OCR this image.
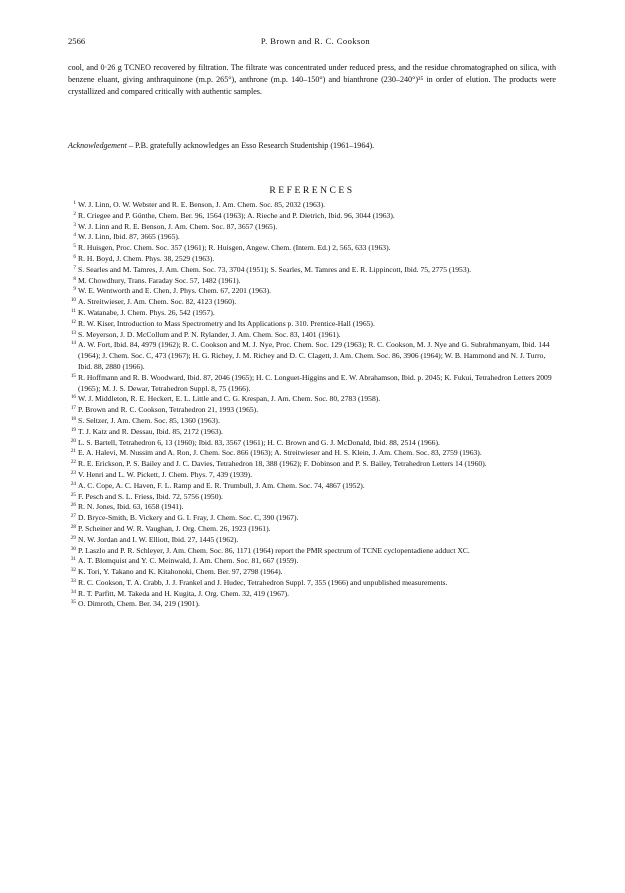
2566	P. Brown and R. C. Cookson

cool, and 0·26 g TCNEO recovered by filtration. The filtrate was concentrated under reduced press, and the residue chromatographed on silica, with benzene eluant, giving anthraquinone (m.p. 265°), anthrone (m.p. 140–150°) and bianthrone (230–240°)³⁵ in order of elution. The products were crystallized and compared critically with authentic samples.

Acknowledgement – P.B. gratefully acknowledges an Esso Research Studentship (1961–1964).

REFERENCES
1 W. J. Linn, O. W. Webster and R. E. Benson, J. Am. Chem. Soc. 85, 2032 (1963).
2 R. Criegee and P. Günthe, Chem. Ber. 96, 1564 (1963); A. Rieche and P. Dietrich, Ibid. 96, 3044 (1963).
3 W. J. Linn and R. E. Benson, J. Am. Chem. Soc. 87, 3657 (1965).
4 W. J. Linn, Ibid. 87, 3665 (1965).
5 R. Huisgen, Proc. Chem. Soc. 357 (1961); R. Huisgen, Angew. Chem. (Intern. Ed.) 2, 565, 633 (1963).
6 R. H. Boyd, J. Chem. Phys. 38, 2529 (1963).
7 S. Searles and M. Tamres, J. Am. Chem. Soc. 73, 3704 (1951); S. Searles, M. Tamres and E. R. Lippincott, Ibid. 75, 2775 (1953).
8 M. Chowdhury, Trans. Faraday Soc. 57, 1482 (1961).
9 W. E. Wentworth and E. Chen, J. Phys. Chem. 67, 2201 (1963).
10 A. Streitwieser, J. Am. Chem. Soc. 82, 4123 (1960).
11 K. Watanabe, J. Chem. Phys. 26, 542 (1957).
12 R. W. Kiser, Introduction to Mass Spectrometry and Its Applications p. 310. Prentice-Hall (1965).
13 S. Meyerson, J. D. McCollum and P. N. Rylander, J. Am. Chem. Soc. 83, 1401 (1961).
14 A. W. Fort, Ibid. 84, 4979 (1962); R. C. Cookson and M. J. Nye, Proc. Chem. Soc. 129 (1963); R. C. Cookson, M. J. Nye and G. Subrahmanyam, Ibid. 144 (1964); J. Chem. Soc. C, 473 (1967); H. G. Richey, J. M. Richey and D. C. Clagett, J. Am. Chem. Soc. 86, 3906 (1964); W. B. Hammond and N. J. Turro, Ibid. 88, 2880 (1966).
15 R. Hoffmann and R. B. Woodward, Ibid. 87, 2046 (1965); H. C. Longuet-Higgins and E. W. Abrahamson, Ibid. p. 2045; K. Fukui, Tetrahedron Letters 2009 (1965); M. J. S. Dewar, Tetrahedron Suppl. 8, 75 (1966).
16 W. J. Middleton, R. E. Heckert, E. L. Little and C. G. Krespan, J. Am. Chem. Soc. 80, 2783 (1958).
17 P. Brown and R. C. Cookson, Tetrahedron 21, 1993 (1965).
18 S. Seltzer, J. Am. Chem. Soc. 85, 1360 (1963).
19 T. J. Katz and R. Dessau, Ibid. 85, 2172 (1963).
20 L. S. Bartell, Tetrahedron 6, 13 (1960); Ibid. 83, 3567 (1961); H. C. Brown and G. J. McDonald, Ibid. 88, 2514 (1966).
21 E. A. Halevi, M. Nussim and A. Ron, J. Chem. Soc. 866 (1963); A. Streitwieser and H. S. Klein, J. Am. Chem. Soc. 83, 2759 (1963).
22 R. E. Erickson, P. S. Bailey and J. C. Davies, Tetrahedron 18, 388 (1962); F. Dobinson and P. S. Bailey, Tetrahedron Letters 14 (1960).
23 V. Henri and L. W. Pickett, J. Chem. Phys. 7, 439 (1939).
24 A. C. Cope, A. C. Haven, F. L. Ramp and E. R. Trumbull, J. Am. Chem. Soc. 74, 4867 (1952).
25 F. Pesch and S. L. Friess, Ibid. 72, 5756 (1950).
26 R. N. Jones, Ibid. 63, 1658 (1941).
27 D. Bryce-Smith, B. Vickery and G. I. Fray, J. Chem. Soc. C, 390 (1967).
28 P. Scheiner and W. R. Vaughan, J. Org. Chem. 26, 1923 (1961).
29 N. W. Jordan and I. W. Elliott, Ibid. 27, 1445 (1962).
30 P. Laszlo and P. R. Schleyer, J. Am. Chem. Soc. 86, 1171 (1964) report the PMR spectrum of TCNE cyclopentadiene adduct XC.
31 A. T. Blomquist and Y. C. Meinwald, J. Am. Chem. Soc. 81, 667 (1959).
32 K. Tori, Y. Takano and K. Kitahonoki, Chem. Ber. 97, 2798 (1964).
33 R. C. Cookson, T. A. Crabb, J. J. Frankel and J. Hudec, Tetrahedron Suppl. 7, 355 (1966) and unpublished measurements.
34 R. T. Parfitt, M. Takeda and H. Kugita, J. Org. Chem. 32, 419 (1967).
35 O. Dimroth, Chem. Ber. 34, 219 (1901).
